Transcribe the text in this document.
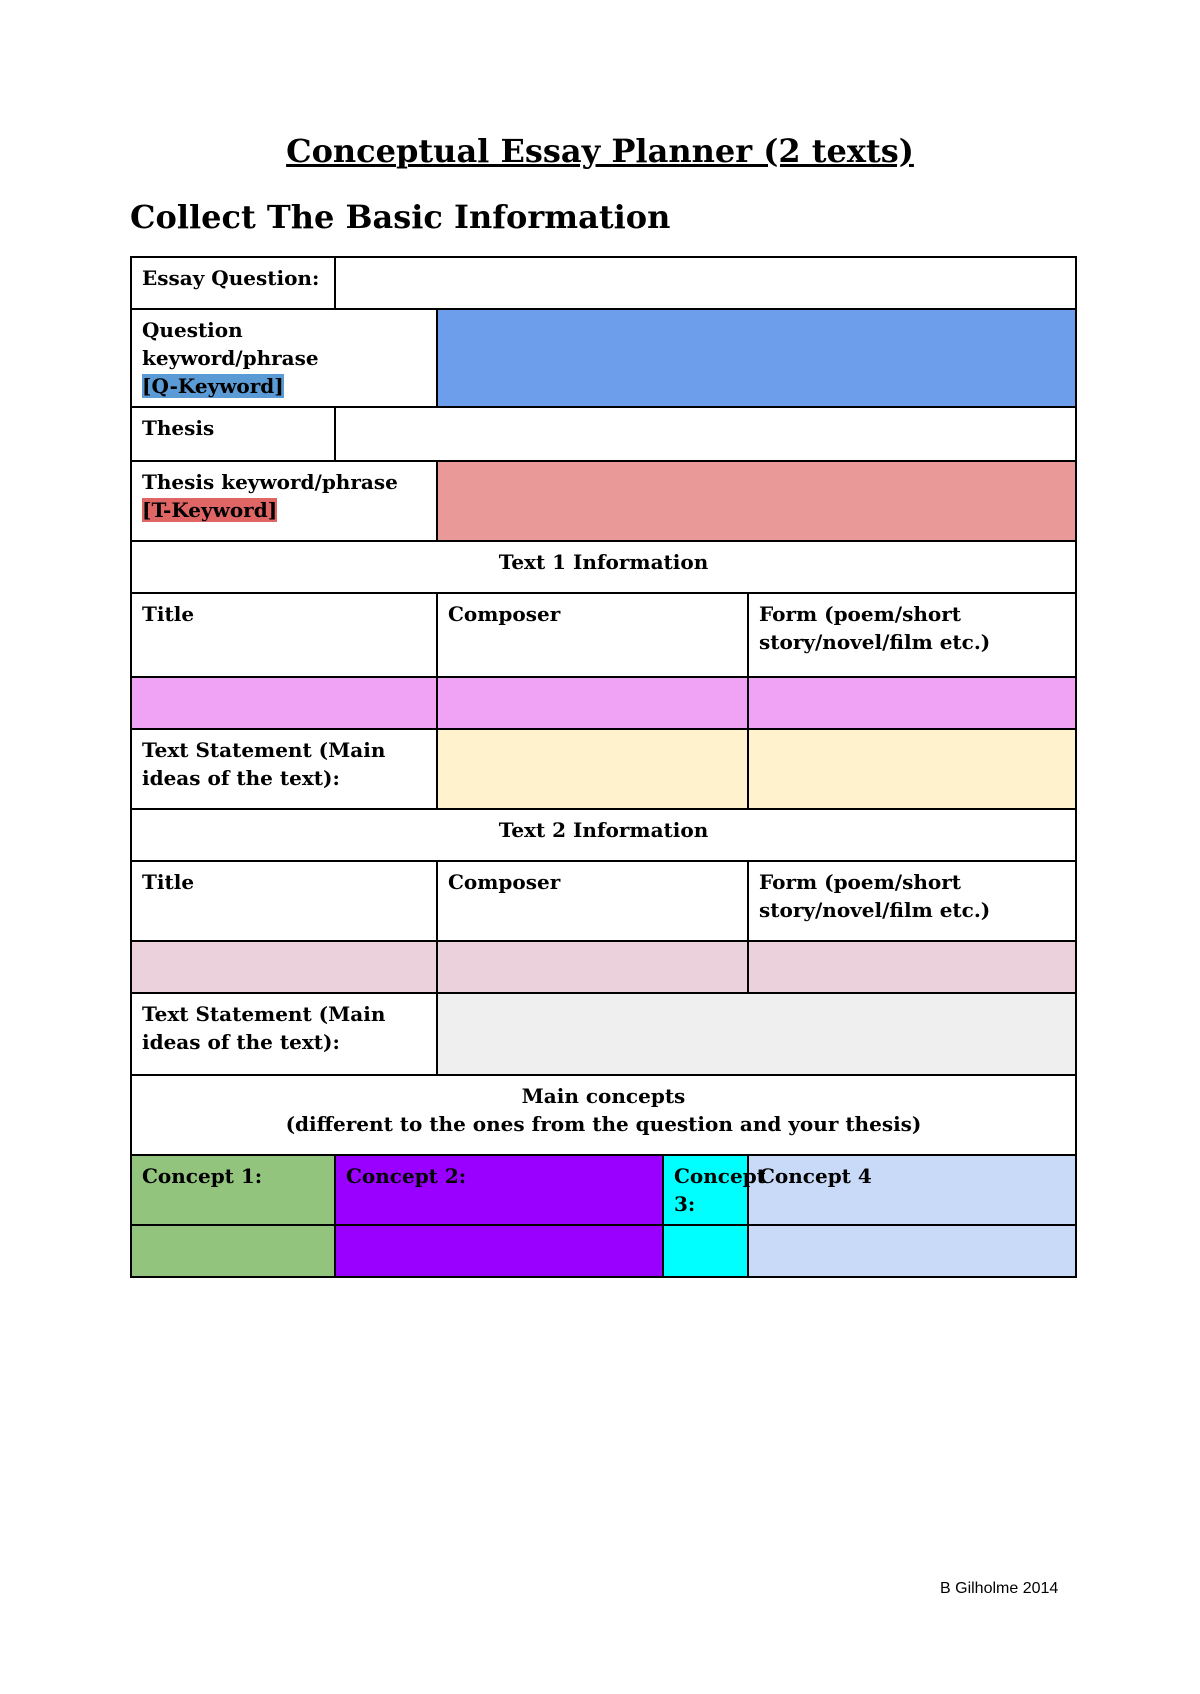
Conceptual Essay Planner (2 texts)
Collect The Basic Information
Essay Question:				

Question keyword/phrase
[Q-Keyword]				
Thesis				

Thesis keyword/phrase
[T-Keyword]				
Text 1 Information				
Title		Composer		Form (poem/short story/novel/film etc.)

Text Statement (Main ideas of the text):				
Text 2 Information				
Title		Composer		Form (poem/short story/novel/film etc.)

Text Statement (Main ideas of the text):				

Main concepts
(different to the ones from the question and your thesis)				

Concept 1:	Concept 2:		Concept 3:	Concept 4

B Gilholme 2014
